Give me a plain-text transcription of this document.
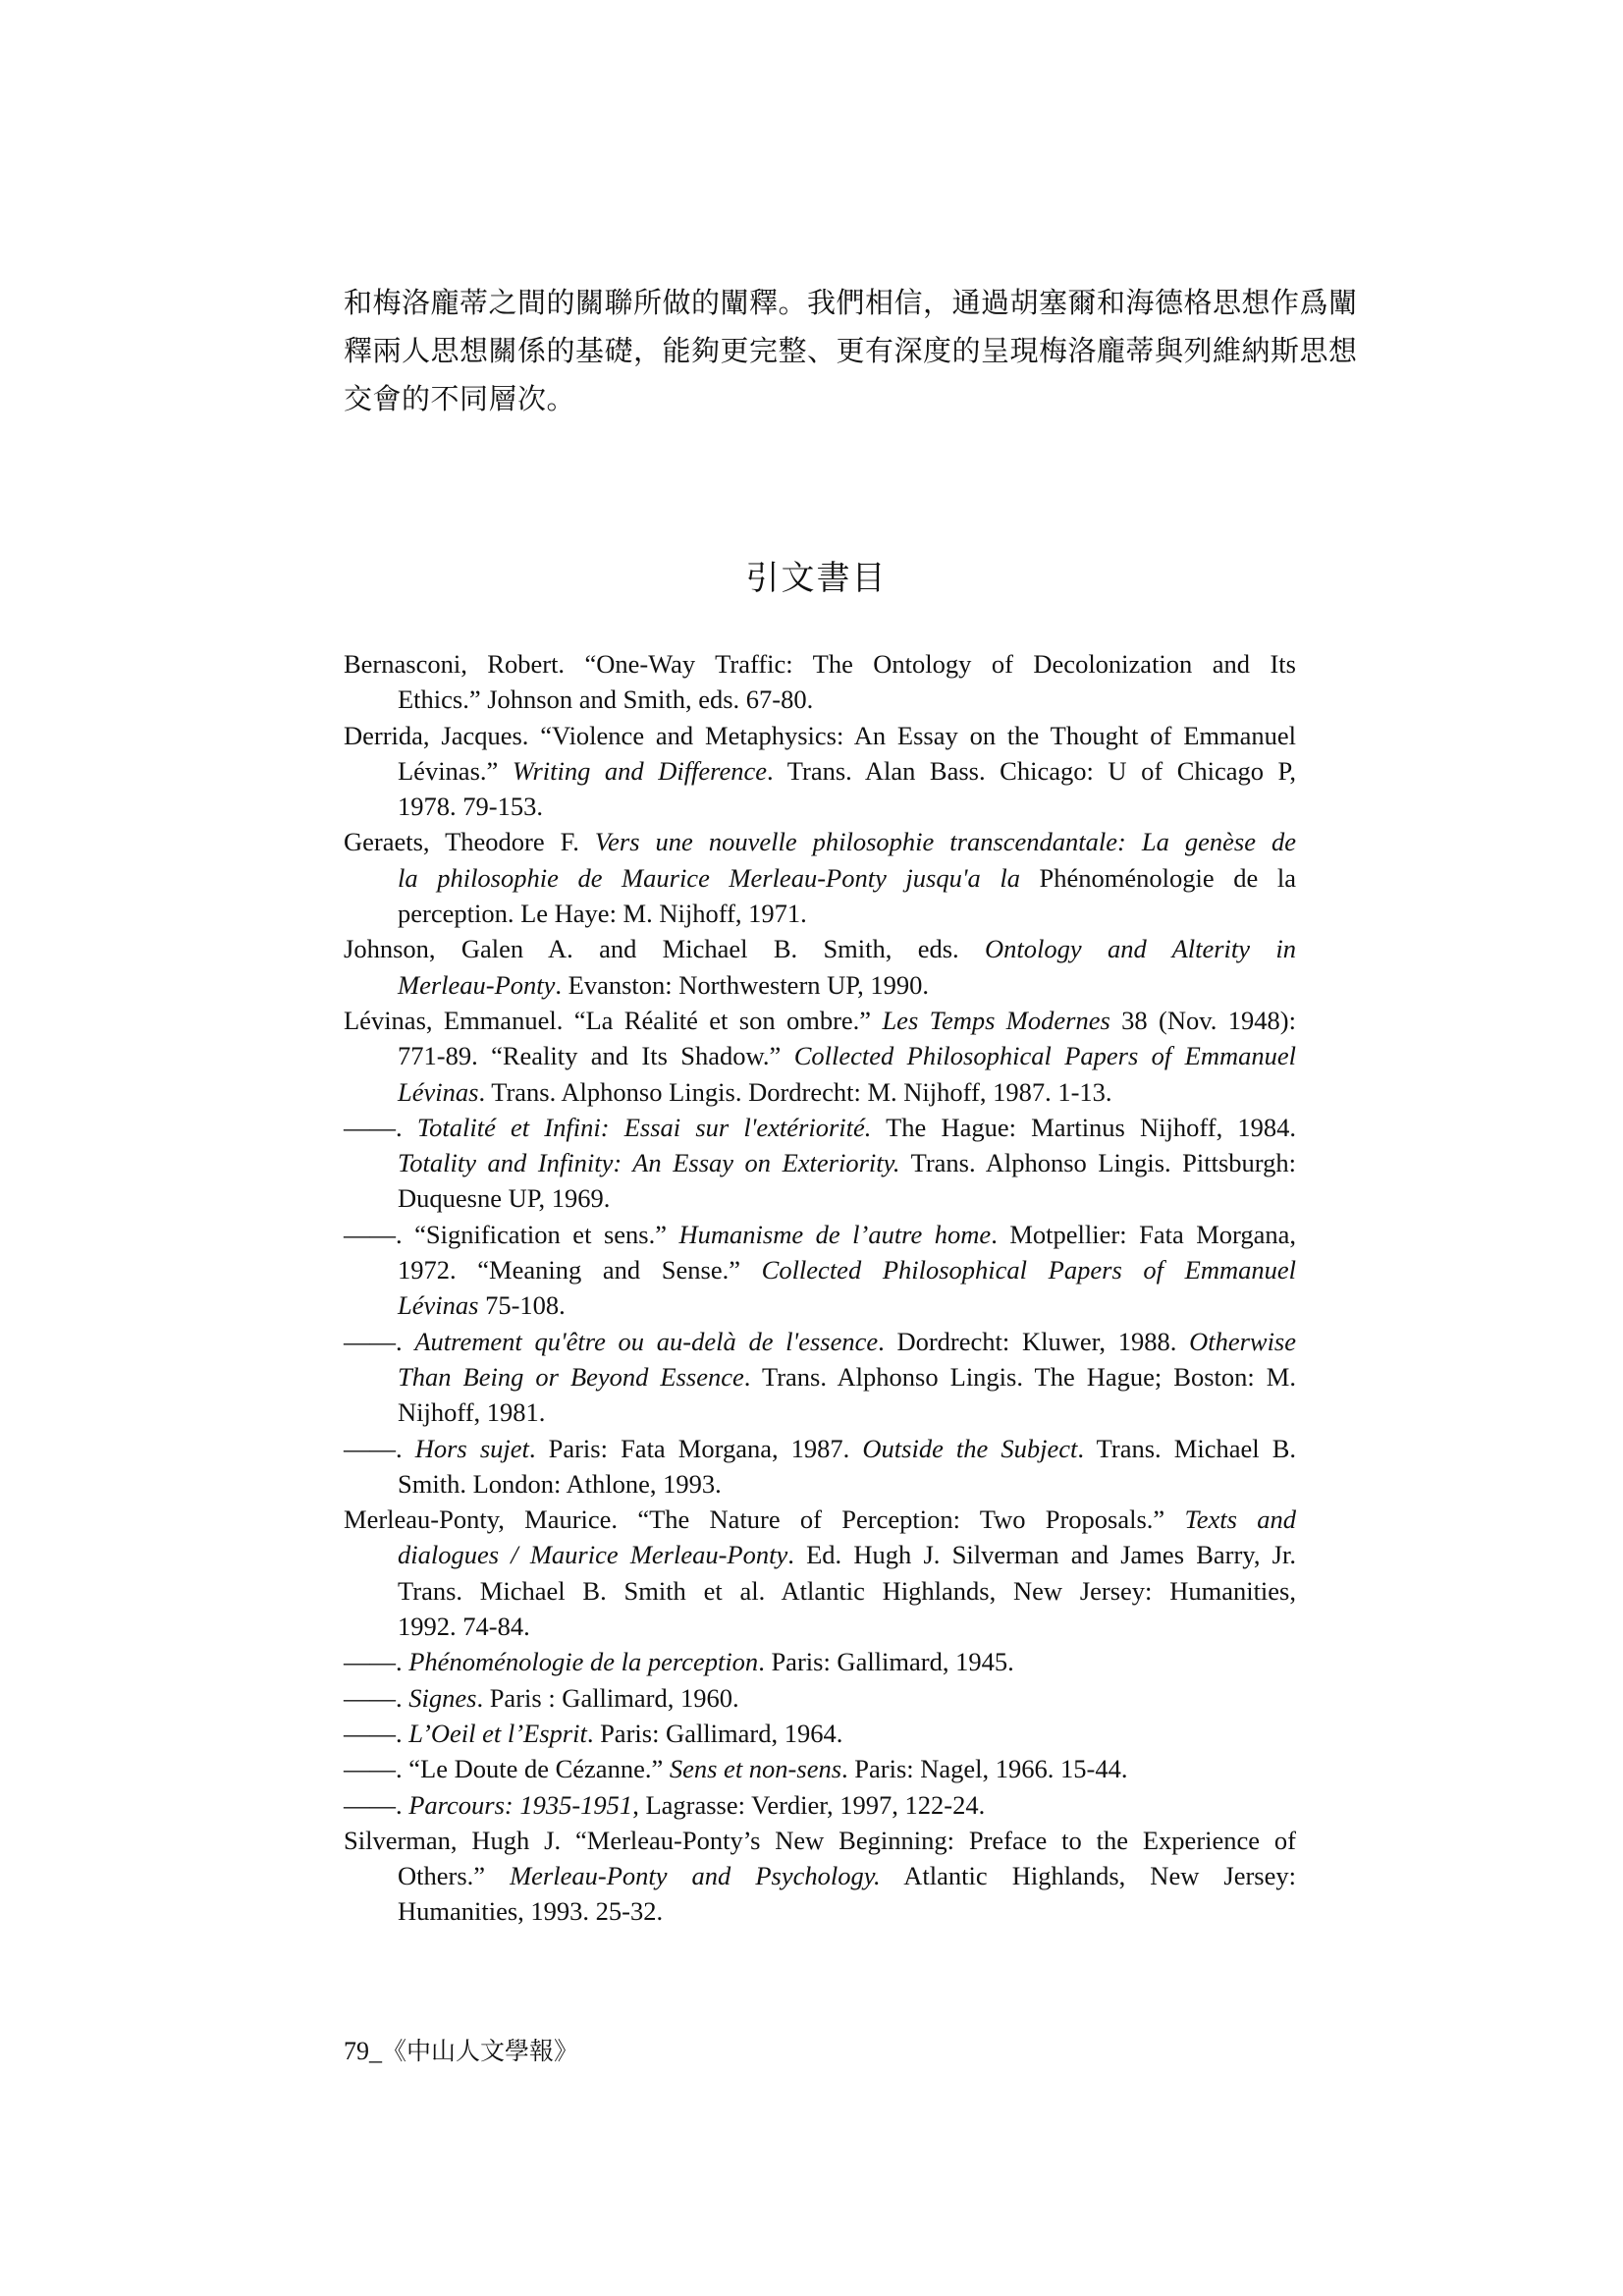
和梅洛龐蒂之間的關聯所做的闡釋。我們相信，通過胡塞爾和海德格思想作爲闡
釋兩人思想關係的基礎，能夠更完整、更有深度的呈現梅洛龐蒂與列維納斯思想
交會的不同層次。
引文書目
Bernasconi, Robert. “One-Way Traffic: The Ontology of Decolonization and Its
Ethics.” Johnson and Smith, eds. 67-80.
Derrida, Jacques. “Violence and Metaphysics: An Essay on the Thought of Emmanuel
Lévinas.” Writing and Difference. Trans. Alan Bass. Chicago: U of Chicago P,
1978. 79-153.
Geraets, Theodore F. Vers une nouvelle philosophie transcendantale: La genèse de
la philosophie de Maurice Merleau-Ponty jusqu'a la Phénoménologie de la
perception. Le Haye: M. Nijhoff, 1971.
Johnson, Galen A. and Michael B. Smith, eds. Ontology and Alterity in
Merleau-Ponty. Evanston: Northwestern UP, 1990.
Lévinas, Emmanuel. “La Réalité et son ombre.” Les Temps Modernes 38 (Nov. 1948):
771-89. “Reality and Its Shadow.” Collected Philosophical Papers of Emmanuel
Lévinas. Trans. Alphonso Lingis. Dordrecht: M. Nijhoff, 1987. 1-13.
——. Totalité et Infini: Essai sur l'extériorité. The Hague: Martinus Nijhoff, 1984.
Totality and Infinity: An Essay on Exteriority. Trans. Alphonso Lingis. Pittsburgh:
Duquesne UP, 1969.
——. “Signification et sens.” Humanisme de l’autre home. Motpellier: Fata Morgana,
1972. “Meaning and Sense.” Collected Philosophical Papers of Emmanuel
Lévinas 75-108.
——. Autrement qu'être ou au-delà de l'essence. Dordrecht: Kluwer, 1988. Otherwise
Than Being or Beyond Essence. Trans. Alphonso Lingis. The Hague; Boston: M.
Nijhoff, 1981.
——. Hors sujet. Paris: Fata Morgana, 1987. Outside the Subject. Trans. Michael B.
Smith. London: Athlone, 1993.
Merleau-Ponty, Maurice. “The Nature of Perception: Two Proposals.” Texts and
dialogues / Maurice Merleau-Ponty. Ed. Hugh J. Silverman and James Barry, Jr.
Trans. Michael B. Smith et al. Atlantic Highlands, New Jersey: Humanities,
1992. 74-84.
——. Phénoménologie de la perception. Paris: Gallimard, 1945.
——. Signes. Paris : Gallimard, 1960.
——. L’Oeil et l’Esprit. Paris: Gallimard, 1964.
——. “Le Doute de Cézanne.” Sens et non-sens. Paris: Nagel, 1966. 15-44.
——. Parcours: 1935-1951, Lagrasse: Verdier, 1997, 122-24.
Silverman, Hugh J. “Merleau-Ponty’s New Beginning: Preface to the Experience of
Others.” Merleau-Ponty and Psychology. Atlantic Highlands, New Jersey:
Humanities, 1993. 25-32.
79_《中山人文學報》
